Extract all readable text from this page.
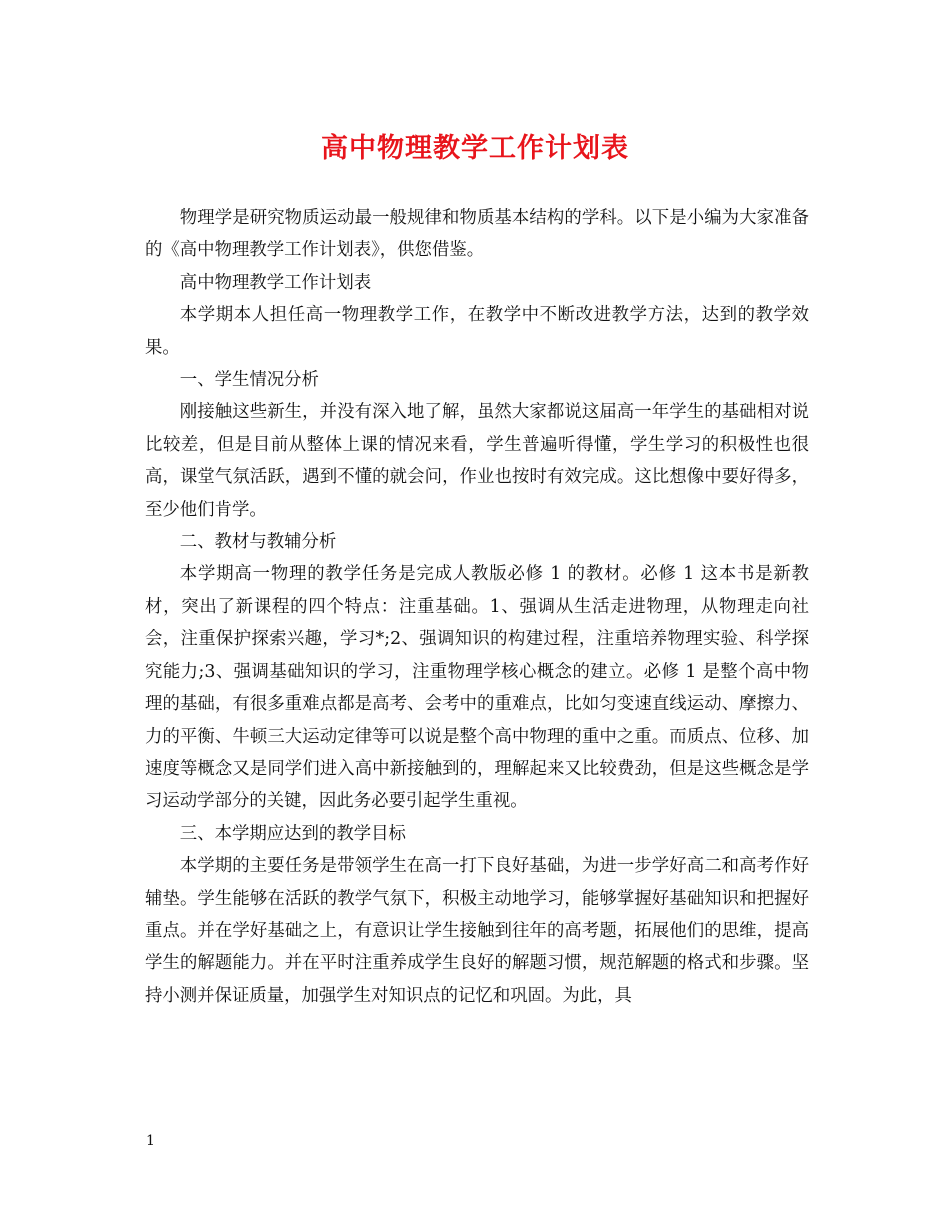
高中物理教学工作计划表

物理学是研究物质运动最一般规律和物质基本结构的学科。以下是小编为大家准备的《高中物理教学工作计划表》，供您借鉴。

高中物理教学工作计划表

本学期本人担任高一物理教学工作，在教学中不断改进教学方法，达到的教学效果。

一、学生情况分析

刚接触这些新生，并没有深入地了解，虽然大家都说这届高一年学生的基础相对说比较差，但是目前从整体上课的情况来看，学生普遍听得懂，学生学习的积极性也很高，课堂气氛活跃，遇到不懂的就会问，作业也按时有效完成。这比想像中要好得多，至少他们肯学。

二、教材与教辅分析

本学期高一物理的教学任务是完成人教版必修 1 的教材。必修 1 这本书是新教材，突出了新课程的四个特点：注重基础。1、强调从生活走进物理，从物理走向社会，注重保护探索兴趣，学习*;2、强调知识的构建过程，注重培养物理实验、科学探究能力;3、强调基础知识的学习，注重物理学核心概念的建立。必修 1 是整个高中物理的基础，有很多重难点都是高考、会考中的重难点，比如匀变速直线运动、摩擦力、力的平衡、牛顿三大运动定律等可以说是整个高中物理的重中之重。而质点、位移、加速度等概念又是同学们进入高中新接触到的，理解起来又比较费劲，但是这些概念是学习运动学部分的关键，因此务必要引起学生重视。

三、本学期应达到的教学目标

本学期的主要任务是带领学生在高一打下良好基础，为进一步学好高二和高考作好辅垫。学生能够在活跃的教学气氛下，积极主动地学习，能够掌握好基础知识和把握好重点。并在学好基础之上，有意识让学生接触到往年的高考题，拓展他们的思维，提高学生的解题能力。并在平时注重养成学生良好的解题习惯，规范解题的格式和步骤。坚持小测并保证质量，加强学生对知识点的记忆和巩固。为此，具

1
